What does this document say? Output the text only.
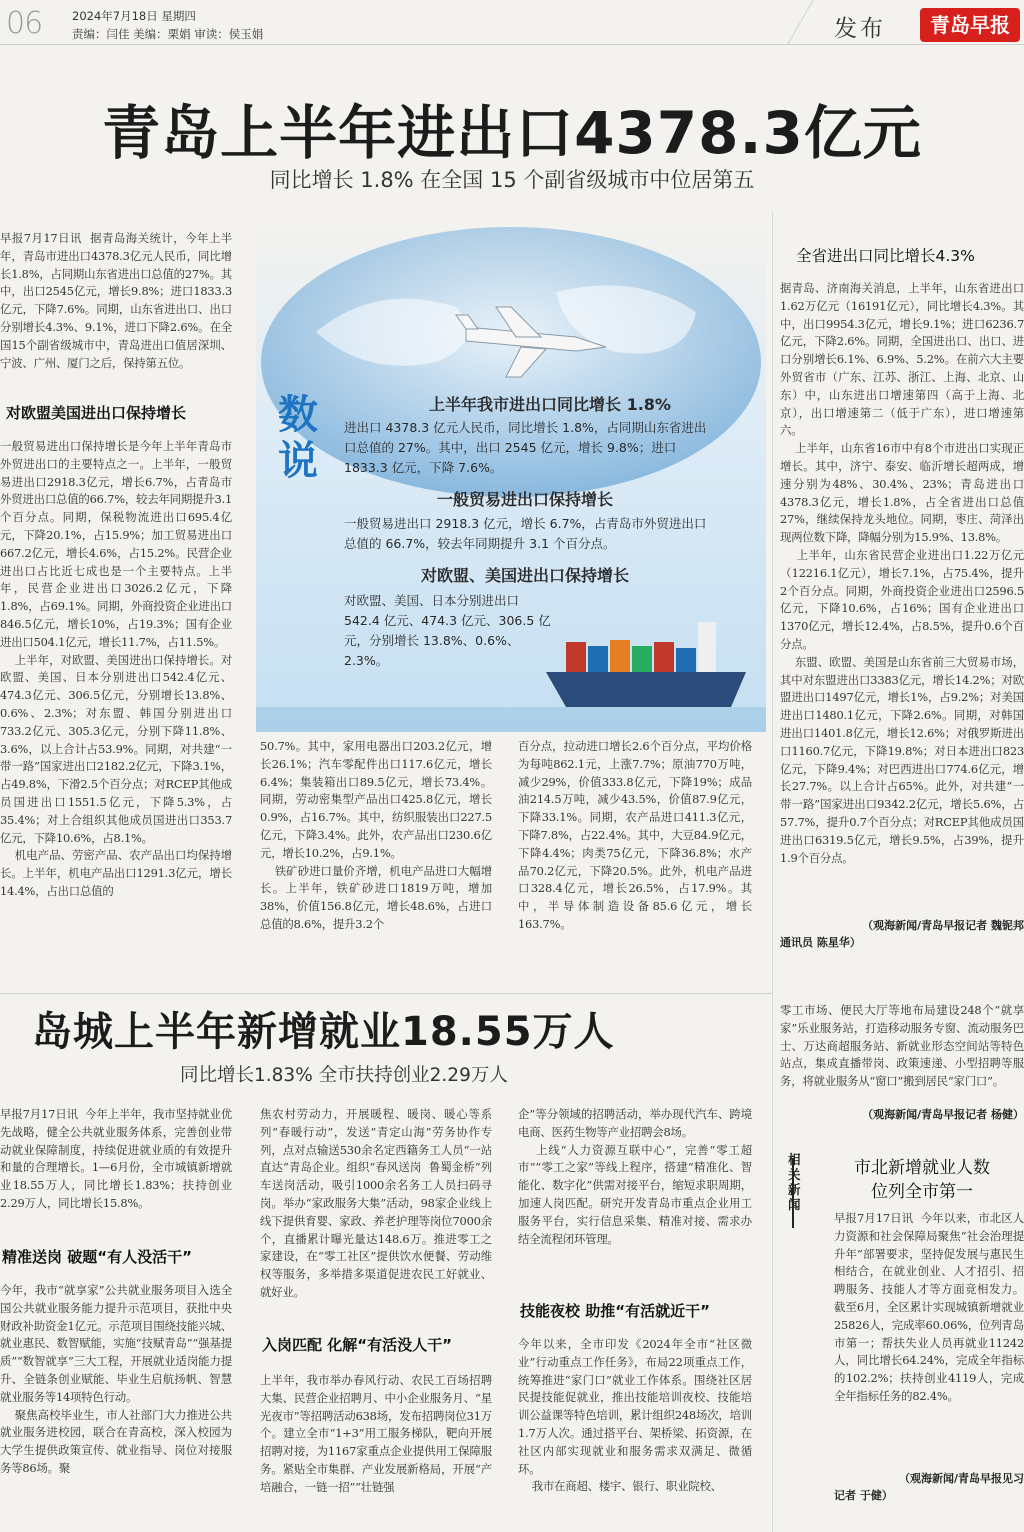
06	2024年7月18日 星期四
责编：闫佳 美编：栗娟 审读：侯玉娟	发布	青岛早报
青岛上半年进出口4378.3亿元
同比增长 1.8% 在全国 15 个副省级城市中位居第五

早报7月17日讯  据青岛海关统计，今年上半年，青岛市进出口4378.3亿元人民币，同比增长1.8%，占同期山东省进出口总值的27%。其中，出口2545亿元，增长9.8%；进口1833.3亿元，下降7.6%。同期，山东省进出口、出口分别增长4.3%、9.1%，进口下降2.6%。在全国15个副省级城市中，青岛进出口值居深圳、宁波、广州、厦门之后，保持第五位。

对欧盟美国进出口保持增长

一般贸易进出口保持增长是今年上半年青岛市外贸进出口的主要特点之一。上半年，一般贸易进出口2918.3亿元，增长6.7%，占青岛市外贸进出口总值的66.7%，较去年同期提升3.1个百分点。同期，保税物流进出口695.4亿元，下降20.1%，占15.9%；加工贸易进出口667.2亿元，增长4.6%，占15.2%。民营企业进出口占比近七成也是一个主要特点。上半年，民营企业进出口3026.2亿元，下降1.8%，占69.1%。同期，外商投资企业进出口846.5亿元，增长10%，占19.3%；国有企业进出口504.1亿元，增长11.7%，占11.5%。
上半年，对欧盟、美国进出口保持增长。对欧盟、美国、日本分别进出口542.4亿元、474.3亿元、306.5亿元，分别增长13.8%、0.6%、2.3%；对东盟、韩国分别进出口733.2亿元、305.3亿元，分别下降11.8%、3.6%，以上合计占53.9%。同期，对共建“一带一路”国家进出口2182.2亿元，下降3.1%，占49.8%，下滑2.5个百分点；对RCEP其他成员国进出口1551.5亿元，下降5.3%，占35.4%；对上合组织其他成员国进出口353.7亿元，下降10.6%，占8.1%。
机电产品、劳密产品、农产品出口均保持增长。上半年，机电产品出口1291.3亿元，增长14.4%，占出口总值的

数说
上半年我市进出口同比增长 1.8%

进出口 4378.3 亿元人民币，同比增长 1.8%，占同期山东省进出口总值的 27%。其中，出口 2545 亿元，增长 9.8%；进口 1833.3 亿元，下降 7.6%。

一般贸易进出口保持增长

一般贸易进出口 2918.3 亿元，增长 6.7%，占青岛市外贸进出口总值的 66.7%，较去年同期提升 3.1 个百分点。

对欧盟、美国进出口保持增长

对欧盟、美国、日本分别进出口 542.4 亿元、474.3 亿元、306.5 亿元，分别增长 13.8%、0.6%、2.3%。

50.7%。其中，家用电器出口203.2亿元，增长26.1%；汽车零配件出口117.6亿元，增长6.4%；集装箱出口89.5亿元，增长73.4%。同期，劳动密集型产品出口425.8亿元，增长0.9%，占16.7%。其中，纺织服装出口227.5亿元，下降3.4%。此外，农产品出口230.6亿元，增长10.2%，占9.1%。
铁矿砂进口量价齐增，机电产品进口大幅增长。上半年，铁矿砂进口1819万吨，增加38%，价值156.8亿元，增长48.6%，占进口总值的8.6%，提升3.2个

百分点，拉动进口增长2.6个百分点，平均价格为每吨862.1元，上涨7.7%；原油770万吨，减少29%，价值333.8亿元，下降19%；成品油214.5万吨，减少43.5%，价值87.9亿元，下降33.1%。同期，农产品进口411.3亿元，下降7.8%，占22.4%。其中，大豆84.9亿元，下降4.4%；肉类75亿元，下降36.8%；水产品70.2亿元，下降20.5%。此外，机电产品进口328.4亿元，增长26.5%，占17.9%。其中，半导体制造设备85.6亿元，增长163.7%。

全省进出口同比增长4.3%

据青岛、济南海关消息，上半年，山东省进出口1.62万亿元（16191亿元），同比增长4.3%。其中，出口9954.3亿元，增长9.1%；进口6236.7亿元，下降2.6%。同期，全国进出口、出口、进口分别增长6.1%、6.9%、5.2%。在前六大主要外贸省市（广东、江苏、浙江、上海、北京、山东）中，山东进出口增速第四（高于上海、北京），出口增速第二（低于广东），进口增速第六。
上半年，山东省16市中有8个市进出口实现正增长。其中，济宁、泰安、临沂增长超两成，增速分别为48%、30.4%、23%；青岛进出口4378.3亿元，增长1.8%，占全省进出口总值27%，继续保持龙头地位。同期，枣庄、菏泽出现两位数下降，降幅分别为15.9%、13.8%。
上半年，山东省民营企业进出口1.22万亿元（12216.1亿元），增长7.1%，占75.4%，提升2个百分点。同期，外商投资企业进出口2596.5亿元，下降10.6%，占16%；国有企业进出口1370亿元，增长12.4%，占8.5%，提升0.6个百分点。
东盟、欧盟、美国是山东省前三大贸易市场，其中对东盟进出口3383亿元，增长14.2%；对欧盟进出口1497亿元，增长1%，占9.2%；对美国进出口1480.1亿元，下降2.6%。同期，对韩国进出口1401.8亿元，增长12.6%；对俄罗斯进出口1160.7亿元，下降19.8%；对日本进出口823亿元，下降9.4%；对巴西进出口774.6亿元，增长27.7%。以上合计占65%。此外，对共建“一带一路”国家进出口9342.2亿元，增长5.6%，占57.7%，提升0.7个百分点；对RCEP其他成员国进出口6319.5亿元，增长9.5%，占39%，提升1.9个百分点。

（观海新闻/青岛早报记者 魏铌邦
通讯员 陈星华）
岛城上半年新增就业18.55万人
同比增长1.83% 全市扶持创业2.29万人

早报7月17日讯  今年上半年，我市坚持就业优先战略，健全公共就业服务体系，完善创业带动就业保障制度，持续促进就业质的有效提升和量的合理增长。1—6月份，全市城镇新增就业18.55万人，同比增长1.83%；扶持创业2.29万人，同比增长15.8%。

精准送岗 破题“有人没活干”

今年，我市“就享家”公共就业服务项目入选全国公共就业服务能力提升示范项目，获批中央财政补助资金1亿元。示范项目围绕技能兴城、就业惠民、数智赋能，实施“技赋青岛”“强基提质”“数智就享”三大工程，开展就业适岗能力提升、全链条创业赋能、毕业生启航扬帆、智慧就业服务等14项特色行动。
聚焦高校毕业生，市人社部门大力推进公共就业服务进校园，联合在青高校，深入校园为大学生提供政策宣传、就业指导、岗位对接服务等86场。聚

焦农村劳动力，开展暖程、暖岗、暖心等系列“春暖行动”，发送“青定山海”劳务协作专列，点对点输送530余名定西籍务工人员“一站直达”青岛企业。组织“春风送岗  鲁蜀金桥”列车送岗活动，吸引1000余名务工人员扫码寻岗。举办“家政服务大集”活动，98家企业线上线下提供育婴、家政、养老护理等岗位7000余个，直播累计曝光量达148.6万。推进零工之家建设，在“零工社区”提供饮水便餐、劳动维权等服务，多举措多渠道促进农民工好就业、就好业。

入岗匹配 化解“有活没人干”

上半年，我市举办春风行动、农民工百场招聘大集、民营企业招聘月、中小企业服务月、“星光夜市”等招聘活动638场，发布招聘岗位31万个。建立全市“1+3”用工服务梯队，靶向开展招聘对接，为1167家重点企业提供用工保障服务。紧贴全市集群、产业发展新格局，开展“产培融合，一链一招”“壮链强

企”等分领域的招聘活动，举办现代汽车、跨境电商、医药生物等产业招聘会8场。
上线“人力资源互联中心”，完善“零工超市”“零工之家”等线上程序，搭建“精准化、智能化、数字化”供需对接平台，缩短求职周期，加速人岗匹配。研究开发青岛市重点企业用工服务平台，实行信息采集、精准对接、需求办结全流程闭环管理。

技能夜校 助推“有活就近干”

今年以来，全市印发《2024年全市“社区微业”行动重点工作任务》，布局22项重点工作，统筹推进“家门口”就业工作体系。围绕社区居民提技能促就业，推出技能培训夜校、技能培训公益课等特色培训，累计组织248场次，培训1.7万人次。通过搭平台、架桥梁、拓资源，在社区内部实现就业和服务需求双满足、微循环。
我市在商超、楼宇、银行、职业院校、

零工市场、便民大厅等地布局建设248个“就享家”乐业服务站，打造移动服务专窗、流动服务巴士、万达商超服务站、新就业形态空间站等特色站点，集成直播带岗、政策速递、小型招聘等服务，将就业服务从“窗口”搬到居民“家门口”。

（观海新闻/青岛早报记者 杨健）
相关新闻
市北新增就业人数
位列全市第一

早报7月17日讯  今年以来，市北区人力资源和社会保障局聚焦“社会治理提升年”部署要求，坚持促发展与惠民生相结合，在就业创业、人才招引、招聘服务、技能人才等方面竞相发力。截至6月，全区累计实现城镇新增就业25826人，完成率60.06%，位列青岛市第一；帮扶失业人员再就业11242人，同比增长64.24%，完成全年指标的102.2%；扶持创业4119人，完成全年指标任务的82.4%。

（观海新闻/青岛早报见习
记者 于健）
